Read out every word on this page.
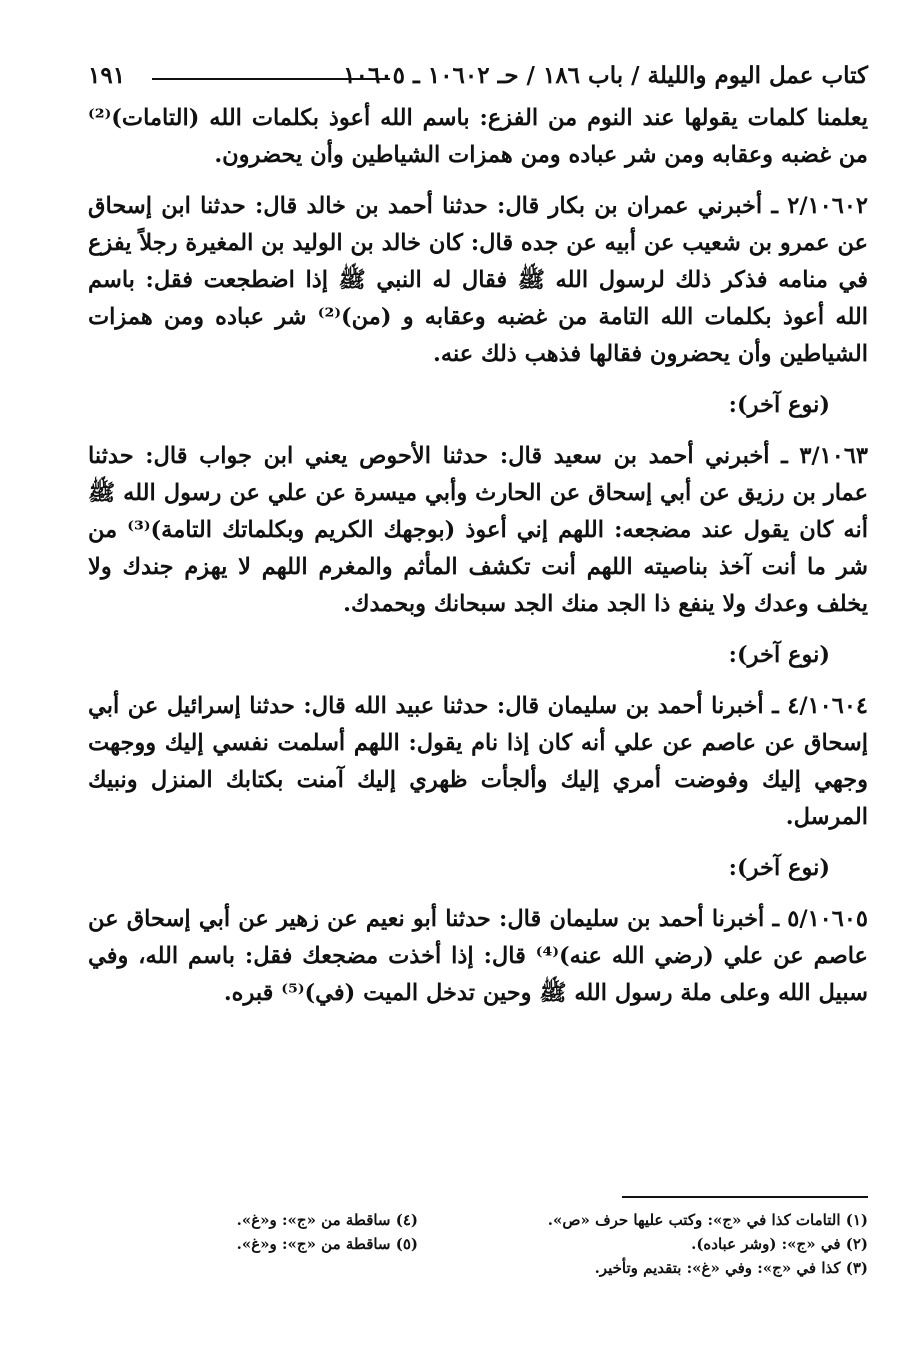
كتاب عمل اليوم والليلة / باب ١٨٦ / حـ ١٠٦٠٢ ـ ١٠٦٠٥
١٩١

يعلمنا كلمات يقولها عند النوم من الفزع: باسم الله أعوذ بكلمات الله (التامات)⁽²⁾ من غضبه وعقابه ومن شر عباده ومن همزات الشياطين وأن يحضرون.

٢/١٠٦٠٢ ـ أخبرني عمران بن بكار قال: حدثنا أحمد بن خالد قال: حدثنا ابن إسحاق عن عمرو بن شعيب عن أبيه عن جده قال: كان خالد بن الوليد بن المغيرة رجلاً يفزع في منامه فذكر ذلك لرسول الله ﷺ فقال له النبي ﷺ إذا اضطجعت فقل: باسم الله أعوذ بكلمات الله التامة من غضبه وعقابه و (من)⁽²⁾ شر عباده ومن همزات الشياطين وأن يحضرون فقالها فذهب ذلك عنه.

(نوع آخر):

٣/١٠٦٣ ـ أخبرني أحمد بن سعيد قال: حدثنا الأحوص يعني ابن جواب قال: حدثنا عمار بن رزيق عن أبي إسحاق عن الحارث وأبي ميسرة عن علي عن رسول الله ﷺ أنه كان يقول عند مضجعه: اللهم إني أعوذ (بوجهك الكريم وبكلماتك التامة)⁽³⁾ من شر ما أنت آخذ بناصيته اللهم أنت تكشف المأثم والمغرم اللهم لا يهزم جندك ولا يخلف وعدك ولا ينفع ذا الجد منك الجد سبحانك وبحمدك.

(نوع آخر):

٤/١٠٦٠٤ ـ أخبرنا أحمد بن سليمان قال: حدثنا عبيد الله قال: حدثنا إسرائيل عن أبي إسحاق عن عاصم عن علي أنه كان إذا نام يقول: اللهم أسلمت نفسي إليك ووجهت وجهي إليك وفوضت أمري إليك وألجأت ظهري إليك آمنت بكتابك المنزل ونبيك المرسل.

(نوع آخر):

٥/١٠٦٠٥ ـ أخبرنا أحمد بن سليمان قال: حدثنا أبو نعيم عن زهير عن أبي إسحاق عن عاصم عن علي (رضي الله عنه)⁽⁴⁾ قال: إذا أخذت مضجعك فقل: باسم الله، وفي سبيل الله وعلى ملة رسول الله ﷺ وحين تدخل الميت (في)⁽⁵⁾ قبره.

(١) التامات كذا في «ج»: وكتب عليها حرف «ص».
(٢) في «ج»: (وشر عباده).
(٣) كذا في «ج»: وفي «غ»: بتقديم وتأخير.
(٤) ساقطة من «ج»: و«غ».
(٥) ساقطة من «ج»: و«غ».
